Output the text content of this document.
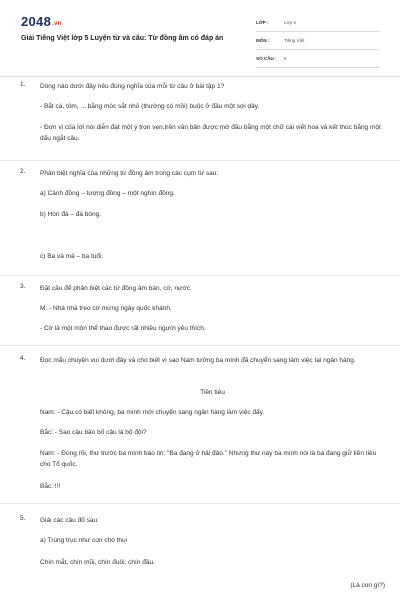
2048.vn
Giải Tiếng Việt lớp 5 Luyện từ và câu: Từ đồng âm có đáp án
LỚP :	Lớp 5
MÔN :	Tiếng Việt
SỐ CÂU :	5
1. Dòng nào dưới đây nêu đúng nghĩa của mỗi từ câu ở bài tập 1?
- Bắt cá, tôm, ... bằng móc sắt nhỏ (thường có mồi) buộc ở đầu một sợi dây.
- Đơn vị của lời nói diễn đạt một ý trọn vẹn,trên văn bản được mở đầu bằng một chữ cái viết hoa và kết thúc bằng một dấu ngắt câu.
2. Phân biệt nghĩa của những từ đồng âm trong các cụm từ sau:
a) Cánh đồng – tượng đồng – một nghìn đồng.
b) Hòn đá – đá bóng.
c) Ba và má – ba tuổi.
3. Đặt câu để phân biệt các từ đồng âm bàn, cờ, nước.
M: - Nhà nhà treo cờ mừng ngày quốc khánh.
- Cờ là một môn thể thao được rất nhiều người yêu thích.
4. Đọc mẩu chuyện vui dưới đây và cho biết vì sao Nam tưởng ba mình đã chuyển sang làm việc tại ngân hàng.
Tiền tiêu
Nam: - Cậu có biết không, ba mình mới chuyển sang ngân hàng làm việc đấy.
Bắc: - Sao cậu bảo bố cậu là bộ đội?
Nam: - Đúng rồi, thư trước ba mình báo tin: "Ba đang ở hải đảo." Nhưng thư này ba mình nói là ba đang giữ tiền tiêu cho Tổ quốc.
Bắc: !!!
5. Giải các câu đố sau:
a) Trùng trục như con chó thui
Chín mắt, chín mũi, chín đuôi, chín đầu.
(Là con gì?)
